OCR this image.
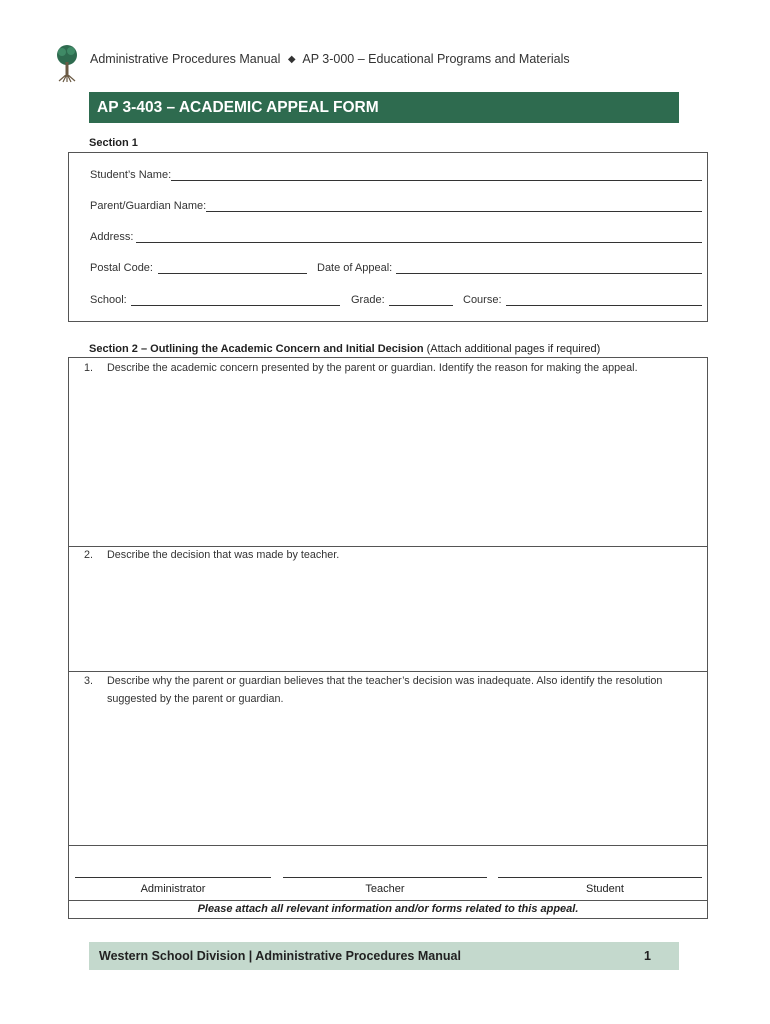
Administrative Procedures Manual ◆ AP 3-000 – Educational Programs and Materials
AP 3-403 – ACADEMIC APPEAL FORM
Section 1
Student’s Name:
Parent/Guardian Name:
Address:
Postal Code:	Date of Appeal:
School:	Grade:	Course:
Section 2 – Outlining the Academic Concern and Initial Decision (Attach additional pages if required)
1. Describe the academic concern presented by the parent or guardian. Identify the reason for making the appeal.
2. Describe the decision that was made by teacher.
3. Describe why the parent or guardian believes that the teacher’s decision was inadequate. Also identify the resolution
suggested by the parent or guardian.
Administrator	Teacher	Student
Please attach all relevant information and/or forms related to this appeal.
Western School Division | Administrative Procedures Manual	1
